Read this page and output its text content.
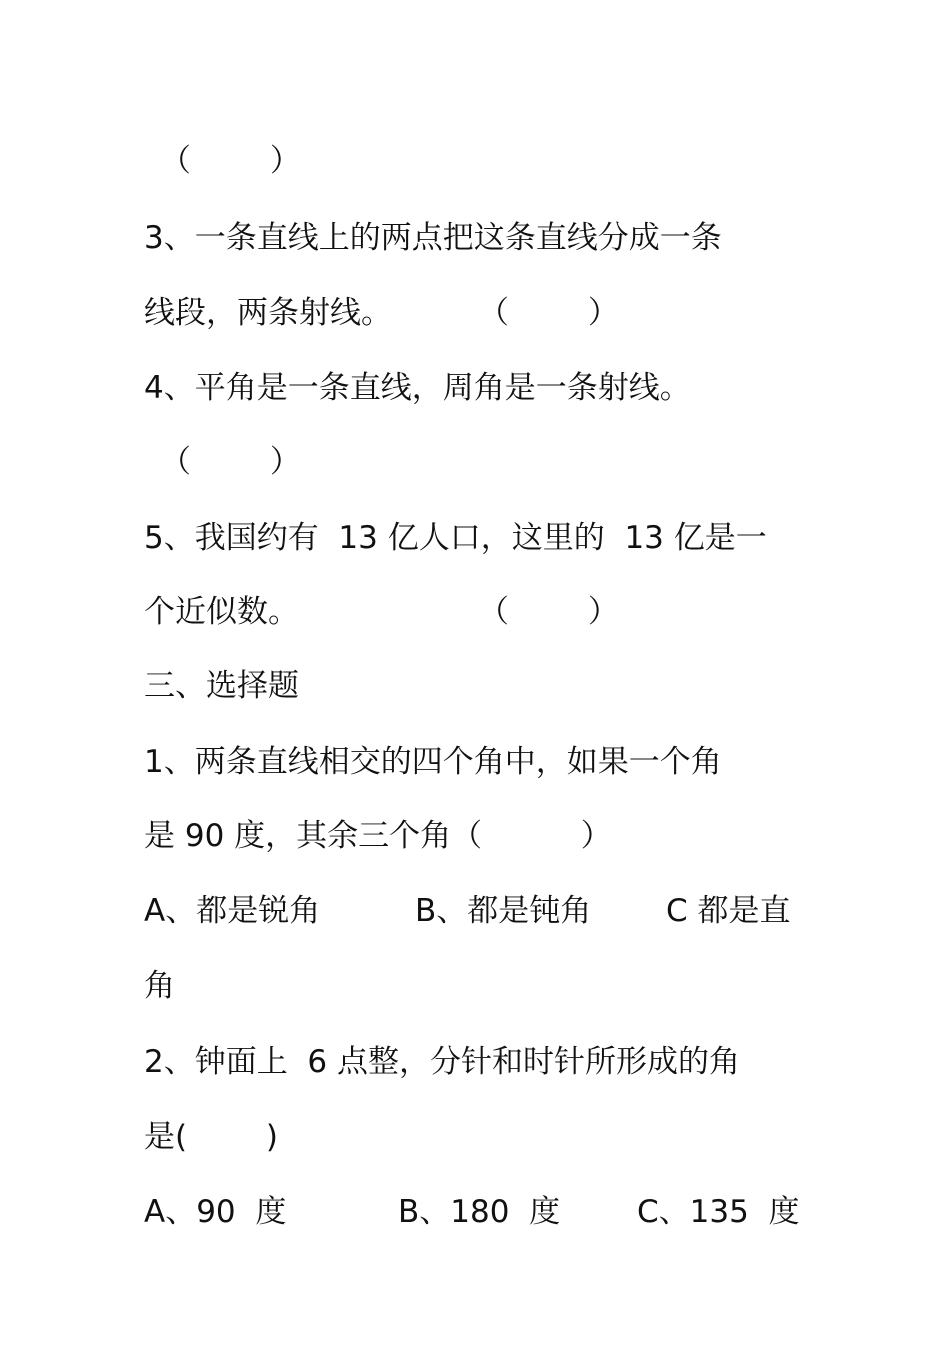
（        ）
3、一条直线上的两点把这条直线分成一条
线段，两条射线。	（        ）
4、平角是一条直线，周角是一条射线。
（        ）
5、我国约有  13 亿人口，这里的  13 亿是一
个近似数。	（        ）
三、选择题
1、两条直线相交的四个角中，如果一个角
是 90 度，其余三个角（          ）
A、都是锐角	B、都是钝角 C 都是直
角
2、钟面上  6 点整，分针和时针所形成的角
是(        )
A、90  度	B、180  度 C、135  度
